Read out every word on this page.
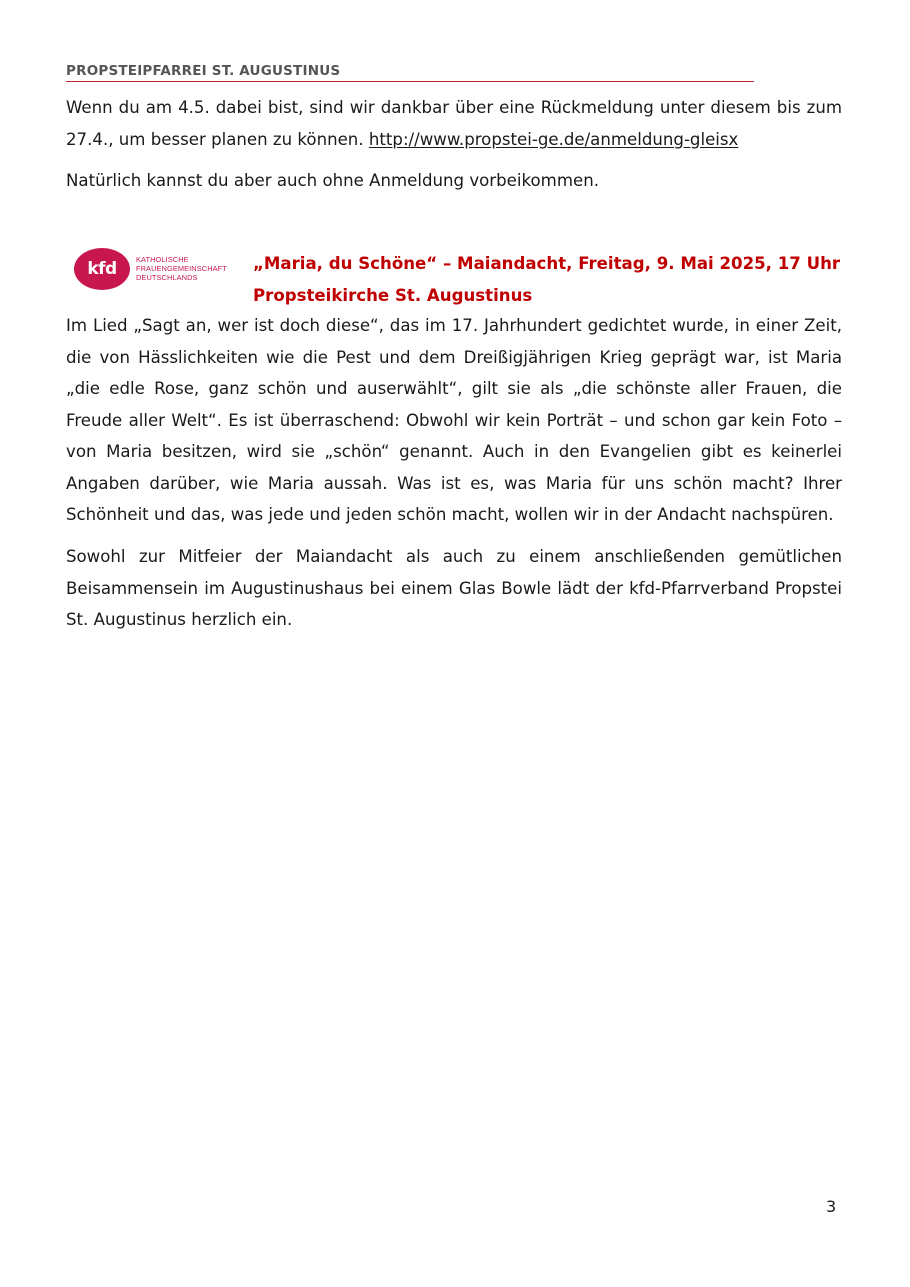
PROPSTEIPFARREI ST. AUGUSTINUS
Wenn du am 4.5. dabei bist, sind wir dankbar über eine Rückmeldung unter diesem bis zum 27.4., um besser planen zu können. http://www.propstei-ge.de/anmeldung-gleisx
Natürlich kannst du aber auch ohne Anmeldung vorbeikommen.
kfd	KATHOLISCHE
FRAUENGEMEINSCHAFT
DEUTSCHLANDS
„Maria, du Schöne“ – Maiandacht, Freitag, 9. Mai 2025, 17 Uhr
Propsteikirche St. Augustinus
Im Lied „Sagt an, wer ist doch diese“, das im 17. Jahrhundert gedichtet wurde, in einer Zeit, die von Hässlichkeiten wie die Pest und dem Dreißigjährigen Krieg geprägt war, ist Maria „die edle Rose, ganz schön und auserwählt“, gilt sie als „die schönste aller Frauen, die Freude aller Welt“. Es ist überraschend: Obwohl wir kein Porträt – und schon gar kein Foto – von Maria besitzen, wird sie „schön“ genannt. Auch in den Evangelien gibt es keinerlei Angaben darüber, wie Maria aussah. Was ist es, was Maria für uns schön macht? Ihrer Schönheit und das, was jede und jeden schön macht, wollen wir in der Andacht nachspüren.
Sowohl zur Mitfeier der Maiandacht als auch zu einem anschließenden gemütlichen Beisammensein im Augustinushaus bei einem Glas Bowle lädt der kfd-Pfarrverband Propstei St. Augustinus herzlich ein.
3
